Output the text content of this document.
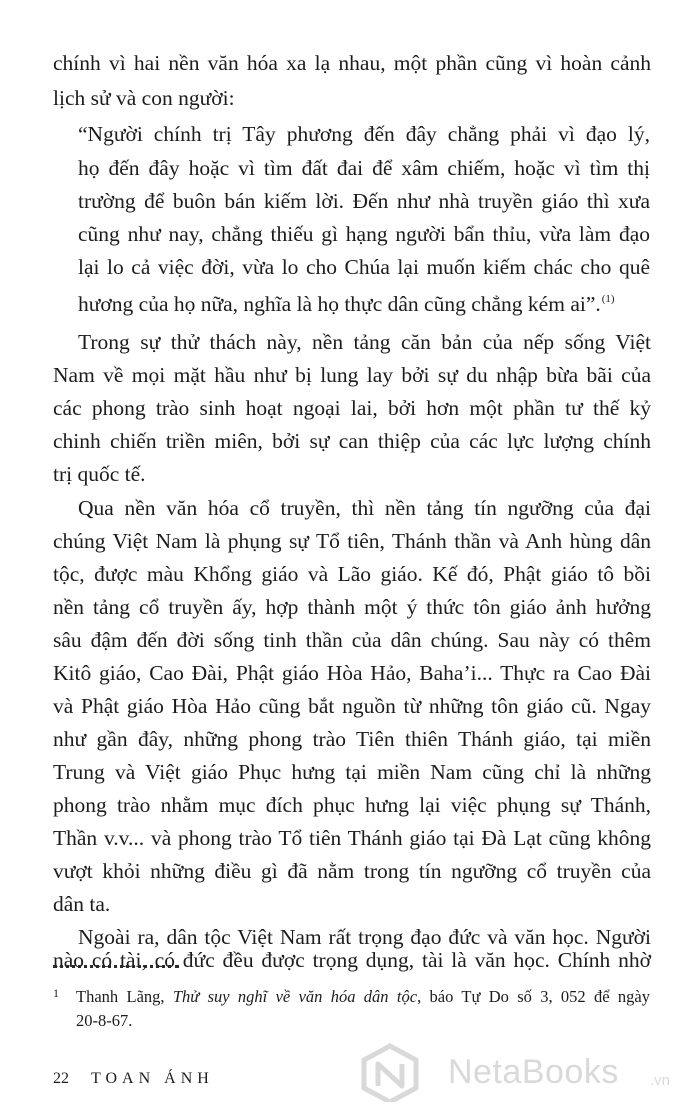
chính vì hai nền văn hóa xa lạ nhau, một phần cũng vì hoàn cảnh
lịch sử và con người:
“Người chính trị Tây phương đến đây chẳng phải vì đạo lý,
họ đến đây hoặc vì tìm đất đai để xâm chiếm, hoặc vì tìm thị
trường để buôn bán kiếm lời. Đến như nhà truyền giáo thì xưa
cũng như nay, chẳng thiếu gì hạng người bẩn thỉu, vừa làm đạo
lại lo cả việc đời, vừa lo cho Chúa lại muốn kiếm chác cho quê
hương của họ nữa, nghĩa là họ thực dân cũng chẳng kém ai”.$^{(1)}$
Trong sự thử thách này, nền tảng căn bản của nếp sống Việt
Nam về mọi mặt hầu như bị lung lay bởi sự du nhập bừa bãi của
các phong trào sinh hoạt ngoại lai, bởi hơn một phần tư thế kỷ
chinh chiến triền miên, bởi sự can thiệp của các lực lượng chính
trị quốc tế.
Qua nền văn hóa cổ truyền, thì nền tảng tín ngưỡng của đại
chúng Việt Nam là phụng sự Tổ tiên, Thánh thần và Anh hùng dân
tộc, được màu Khổng giáo và Lão giáo. Kế đó, Phật giáo tô bồi
nền tảng cổ truyền ấy, hợp thành một ý thức tôn giáo ảnh hưởng
sâu đậm đến đời sống tinh thần của dân chúng. Sau này có thêm
Kitô giáo, Cao Đài, Phật giáo Hòa Hảo, Baha’i... Thực ra Cao Đài
và Phật giáo Hòa Hảo cũng bắt nguồn từ những tôn giáo cũ. Ngay
như gần đây, những phong trào Tiên thiên Thánh giáo, tại miền
Trung và Việt giáo Phục hưng tại miền Nam cũng chỉ là những
phong trào nhằm mục đích phục hưng lại việc phụng sự Thánh,
Thần v.v... và phong trào Tổ tiên Thánh giáo tại Đà Lạt cũng không
vượt khỏi những điều gì đã nằm trong tín ngưỡng cổ truyền của
dân ta.
Ngoài ra, dân tộc Việt Nam rất trọng đạo đức và văn học. Người
nào có tài, có đức đều được trọng dụng, tài là văn học. Chính nhờ
1 Thanh Lãng, Thử suy nghĩ về văn hóa dân tộc, báo Tự Do số 3, 052 để ngày
20-8-67.
22 TOAN ÁNH	NetaBooks .vn
